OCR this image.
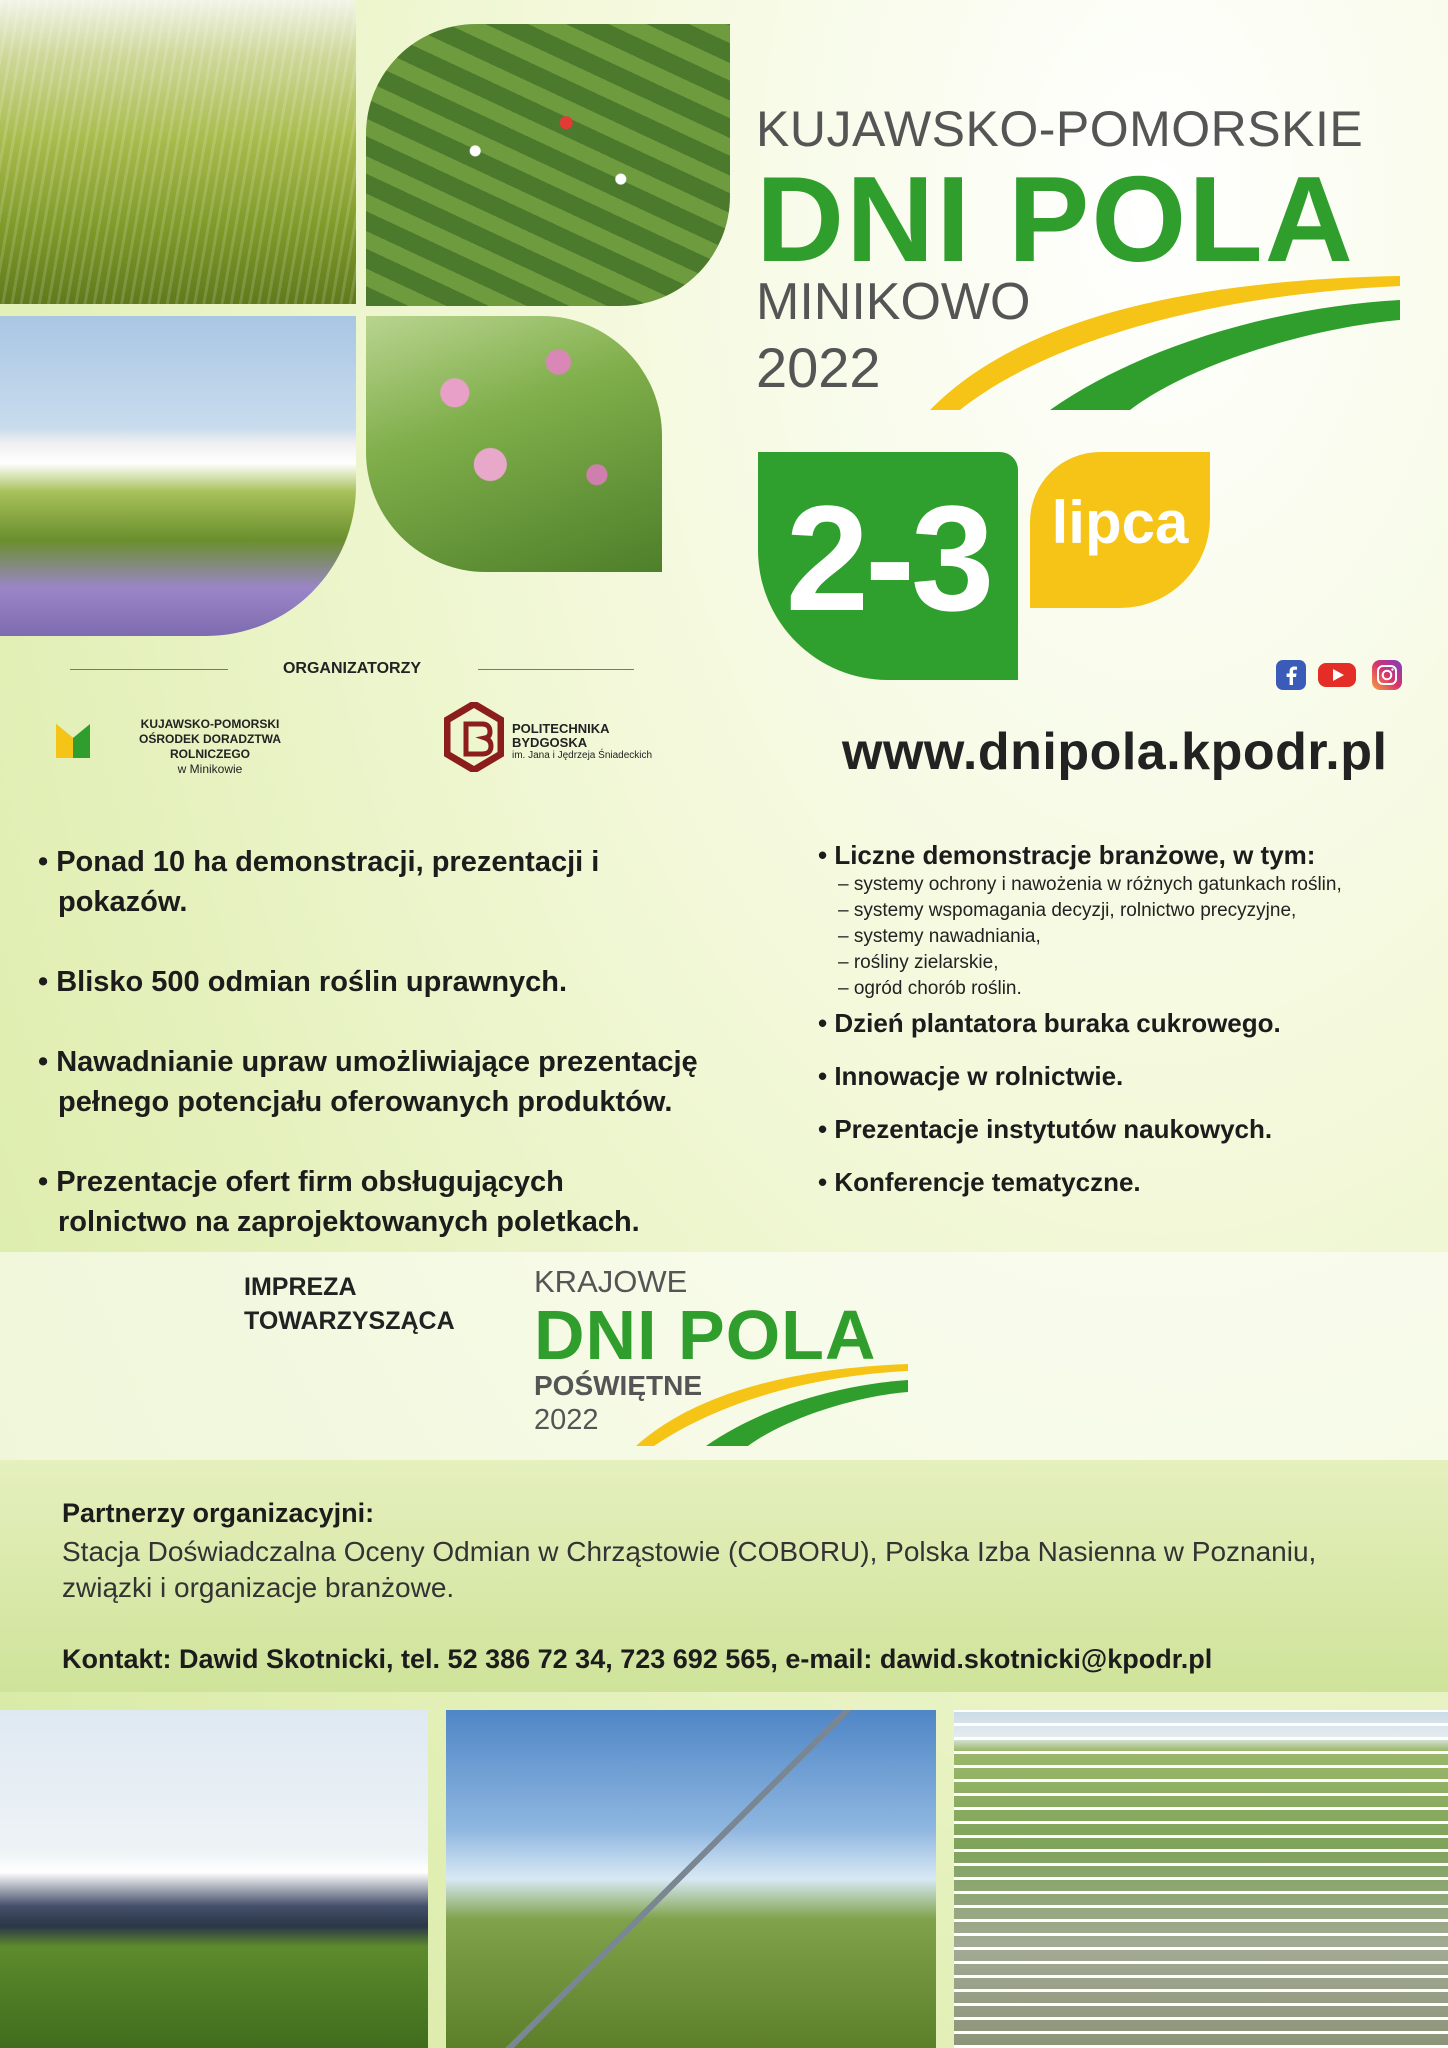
KUJAWSKO-POMORSKIE
DNI POLA
MINIKOWO
2022
2-3	lipca
www.dnipola.kpodr.pl
ORGANIZATORZY
KUJAWSKO-POMORSKI
OŚRODEK DORADZTWA ROLNICZEGO
w Minikowie
POLITECHNIKA
BYDGOSKA
im. Jana i Jędrzeja Śniadeckich
• Ponad 10 ha demonstracji, prezentacji i pokazów.
• Blisko 500 odmian roślin uprawnych.
• Nawadnianie upraw umożliwiające prezentację pełnego potencjału oferowanych produktów.
• Prezentacje ofert firm obsługujących rolnictwo na zaprojektowanych poletkach.
• Liczne demonstracje branżowe, w tym:
– systemy ochrony i nawożenia w różnych gatunkach roślin,
– systemy wspomagania decyzji, rolnictwo precyzyjne,
– systemy nawadniania,
– rośliny zielarskie,
– ogród chorób roślin.
• Dzień plantatora buraka cukrowego.
• Innowacje w rolnictwie.
• Prezentacje instytutów naukowych.
• Konferencje tematyczne.
IMPREZA
TOWARZYSZĄCA
KRAJOWE
DNI POLA
POŚWIĘTNE
2022
Partnerzy organizacyjni:
Stacja Doświadczalna Oceny Odmian w Chrząstowie (COBORU), Polska Izba Nasienna w Poznaniu, związki i organizacje branżowe.
Kontakt: Dawid Skotnicki, tel. 52 386 72 34, 723 692 565, e-mail: dawid.skotnicki@kpodr.pl
